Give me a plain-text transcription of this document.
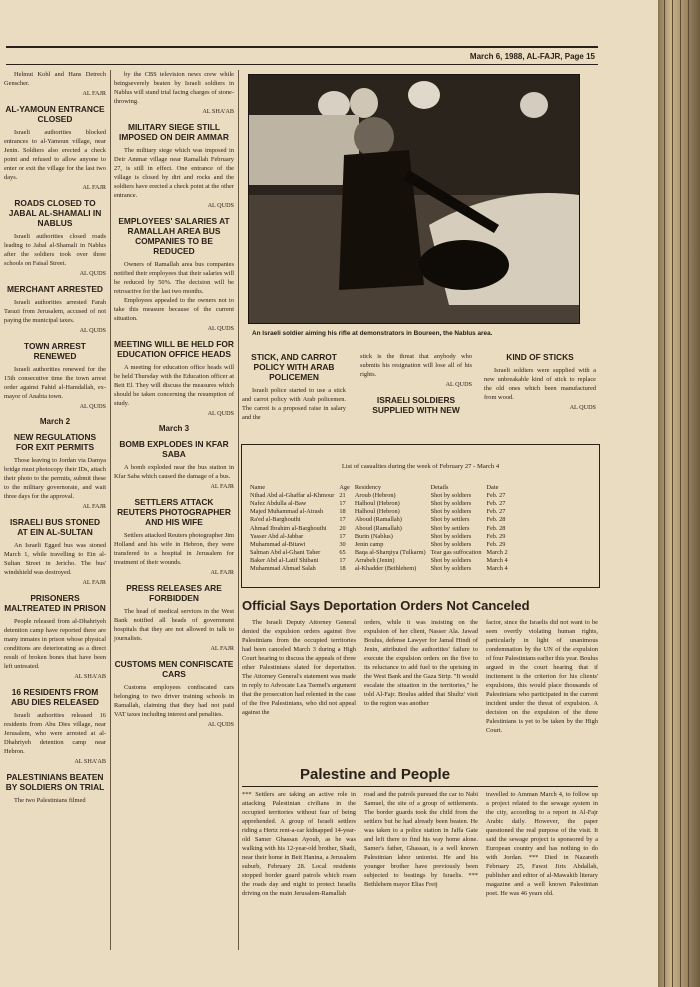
March 6, 1988, AL-FAJR, Page 15

Helmut Kohl and Hans Detrech Genscher.

AL FAJR
AL-YAMOUN ENTRANCE CLOSED

Israeli authorities blocked entrances to al-Yamoun village, near Jenin. Soldiers also erected a check point and refused to allow anyone to enter or exit the village for the last two days.

AL FAJR
ROADS CLOSED TO JABAL AL-SHAMALI IN NABLUS

Israeli authorities closed roads leading to Jabal al-Shamali in Nablus after the soldiers took over three schools on Faisal Street.

AL QUDS
MERCHANT ARRESTED

Israeli authorities arrested Farah Tarazi from Jerusalem, accused of not paying the municipal taxes.

AL QUDS
TOWN ARREST RENEWED

Israeli authorities renewed for the 15th consecutive time the town arrest order against Fahid al-Hamdallah, ex-mayor of Anabta town.

AL QUDS
March 2
NEW REGULATIONS FOR EXIT PERMITS

Those leaving to Jordan via Damya bridge must photocopy their IDs, attach their photo to the permits, submit these to the military governorate, and wait three days for the approval.

AL FAJR
ISRAELI BUS STONED AT EIN AL-SULTAN

An Israeli Egged bus was stoned March 1, while travelling to Ein al-Sultan Street in Jericho. The bus' windshield was destroyed.

AL FAJR
PRISONERS MALTREATED IN PRISON

People released from al-Dhahriyeh detention camp have reported there are many inmates in prison whose physical conditions are deteriorating as a direct result of broken bones that have been left untreated.

AL SHA'AB
16 RESIDENTS FROM ABU DIES RELEASED

Israeli authorities released 16 residents from Abu Dies village, near Jerusalem, who were arrested at al-Dhahriyeh detention camp near Hebron.

AL SHA'AB
PALESTINIANS BEATEN BY SOLDIERS ON TRIAL

The two Palestinians filmed

by the CBS television news crew while beingseverely beaten by Israeli soldiers in Nablus will stand trial facing charges of stone-throwing.

AL SHA'AB
MILITARY SIEGE STILL IMPOSED ON DEIR AMMAR

The military siege which was imposed in Deir Ammar village near Ramallah February 27, is still in effect. One entrance of the village is closed by dirt and rocks and the soldiers have erected a check point at the other entrance.

AL QUDS
EMPLOYEES' SALARIES AT RAMALLAH AREA BUS COMPANIES TO BE REDUCED

Owners of Ramallah area bus companies notified their employees that their salaries will be reduced by 50%. The decision will be retroactive for the last two months.

Employees appealed to the owners not to take this measure because of the current situation.

AL QUDS
MEETING WILL BE HELD FOR EDUCATION OFFICE HEADS

A meeting for education office heads will be held Thursday with the Education officer at Beit El. They will discuss the measures which should be taken concerning the resumption of study.

AL QUDS
March 3
BOMB EXPLODES IN KFAR SABA

A bomb exploded near the bus station in Kfar Saba which caused the damage of a bus.

AL FAJR
SETTLERS ATTACK REUTERS PHOTOGRAPHER AND HIS WIFE

Settlers attacked Reuters photographer Jim Holland and his wife in Hebron, they were transfered to a hospital in Jerusalem for treatment of their wounds.

AL FAJR
PRESS RELEASES ARE FORBIDDEN

The head of medical services in the West Bank notified all heads of government hospitals that they are not allowed to talk to journalists.

AL FAJR
CUSTOMS MEN CONFISCATE CARS

Customs employees confiscated cars belonging to two driver training schools in Ramallah, claiming that they had not paid VAT taxes including interest and penalties.

AL QUDS
An Israeli soldier aiming his rifle at demonstrators in Boureen, the Nablus area.
STICK, AND CARROT POLICY WITH ARAB POLICEMEN

Israeli police started to use a stick and carrot policy with Arab policemen. The carrot is a proposed raise in salary and the

stick is the threat that anybody who submits his resignation will lose all of his rights.

AL QUDS
ISRAELI SOLDIERS SUPPLIED WITH NEW
KIND OF STICKS

Israeli soldiers were supplied with a new unbreakable kind of stick to replace the old ones which been manufactured from wood.

AL QUDS
List of casualties during the week of February 27 - March 4
Name	Age	Residency	Details	Date
Nihad Abd al-Ghaffar al-Khmour	21	Aroub (Hebron)	Shot by soldiers	Feb. 27
Nafez Abdulla al-Baw	17	Halhoul (Hebron)	Shot by soldiers	Feb. 27
Majed Muhammad al-Atrash	18	Halhoul (Hebron)	Shot by soldiers	Feb. 27
Ra'ed al-Barghouthi	17	Aboud (Ramallah)	Shot by settlers	Feb. 28
Ahmad Ibrahim al-Barghouthi	20	Aboud (Ramallah)	Shot by settlers	Feb. 28
Yasser Abd al-Jabbar	17	Burin (Nablus)	Shot by soldiers	Feb. 29
Muhammad al-Bitawi	30	Jenin camp	Shot by soldiers	Feb. 29
Salman Abd al-Ghani Taher	65	Baqa al-Sharqiya (Tulkarm)	Tear gas suffocation	March 2
Baker Abd al-Latif Shibani	17	Arrabeh (Jenin)	Shot by soldiers	March 4
Muhammad Ahmad Salah	18	al-Khadder (Bethlehem)	Shot by soldiers	March 4
Official Says Deportation Orders Not Canceled

The Israeli Deputy Attorney General denied the expulsion orders against five Palestinians from the occupied territories had been canceled March 3 during a High Court hearing to discuss the appeals of three other Palestinians slated for deportation. The Attorney General's statement was made in reply to Advocate Lea Tsemel's argument that the prosecution had relented in the case of the five Palestinians, who did not appeal against the

orders, while it was insisting on the expulsion of her client, Nasser Ala. Jawad Boulus, defense Lawyer for Jamal Hindi of Jenin, attributed the authorities' failure to execute the expulsion orders on the five to its reluctance to add fuel to the uprising in the West Bank and the Gaza Strip. "It would escalate the situation in the territories," he told Al-Fajr. Boulus added that Shultz' visit to the region was another

factor, since the Israelis did not want to be seen overtly violating human rights, particularly in light of unanimous condemnation by the UN of the expulsion of four Palestinians earlier this year. Boulus argued in the court hearing that if incitement is the criterion for his clients' expulsions, this would place thousands of Palestinians who participated in the current incident under the threat of expulsion. A decision on the expulsion of the three Palestinians is yet to be taken by the High Court.

Palestine and People

*** Settlers are taking an active role in attacking Palestinian civilians in the occupied territories without fear of being apprehended. A group of Israeli settlers riding a Hertz rent-a-car kidnapped 14-year-old Samer Ghassan Ayoub, as he was walking with his 12-year-old brother, Shadi, near their home in Beit Hanina, a Jerusalem suburb, February 28. Local residents stopped border guard patrols which roam the roads day and night to protect Israelis driving on the main Jerusalem-Ramallah

road and the patrols pursued the car to Nabi Samuel, the site of a group of settlements. The border guards took the child from the settlers but he had already been beaten. He was taken to a police station in Jaffa Gate and left there to find his way home alone. Samer's father, Ghassan, is a well known Palestinian labor unionist. He and his younger brother have previously been subjected to beatings by Israelis. *** Bethlehem mayor Elias Freij

travelled to Amman March 4, to follow up a project related to the sewage system in the city, according to a report in Al-Fajr Arabic daily. However, the paper questioned the real purpose of the visit. It said the sewage project is sponsored by a European country and has nothing to do with Jordan. *** Died in Nazareth February 25, Fawzi Jiris Abdallah, publisher and editor of al-Mawakib literary magazine and a well known Palestinian poet. He was 46 years old.
